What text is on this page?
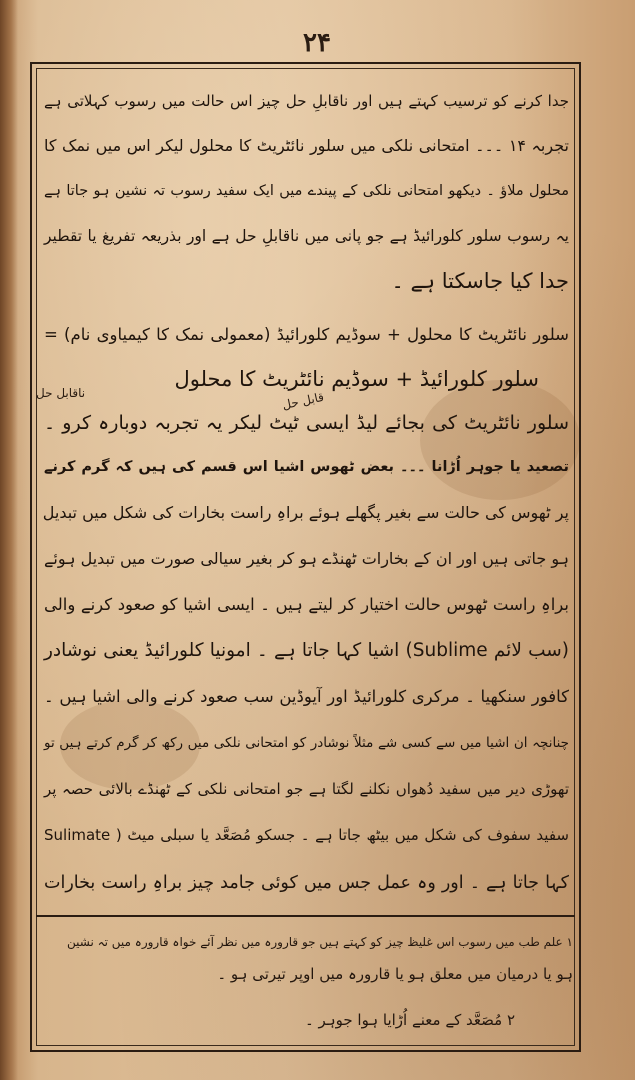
۲۴
جدا کرنے کو ترسیب کہتے ہیں اور ناقابلِ حل چیز اس حالت میں رسوب کہلاتی ہے
تجربہ ۱۴ ۔۔۔ امتحانی نلکی میں سلور نائٹریٹ کا محلول لیکر اس میں نمک کا
محلول ملاؤ ۔ دیکھو امتحانی نلکی کے پیندے میں ایک سفید رسوب تہ نشین ہو جاتا ہے
یہ رسوب سلور کلورائیڈ ہے جو پانی میں ناقابلِ حل ہے اور بذریعہ تفریغ یا تقطیر
جدا کیا جاسکتا ہے ۔
سلور نائٹریٹ کا محلول + سوڈیم کلورائیڈ (معمولی نمک کا کیمیاوی نام) =
سلور کلورائیڈ + سوڈیم نائٹریٹ کا محلول
سلور نائٹریٹ کی بجائے لیڈ ایسی ٹیٹ لیکر یہ تجربہ دوبارہ کرو ۔
تصعید یا جوہر اُڑانا ۔۔۔ بعض ٹھوس اشیا اس قسم کی ہیں کہ گرم کرنے
پر ٹھوس کی حالت سے بغیر پگھلے ہوئے براہِ راست بخارات کی شکل میں تبدیل
ہو جاتی ہیں اور ان کے بخارات ٹھنڈے ہو کر بغیر سیالی صورت میں تبدیل ہوئے
براہِ راست ٹھوس حالت اختیار کر لیتے ہیں ۔ ایسی اشیا کو صعود کرنے والی
(سب لائم Sublime) اشیا کہا جاتا ہے ۔ امونیا کلورائیڈ یعنی نوشادر
کافور سنکھیا ۔ مرکری کلورائیڈ اور آیوڈین سب صعود کرنے والی اشیا ہیں ۔
چنانچہ ان اشیا میں سے کسی شے مثلاً نوشادر کو امتحانی نلکی میں رکھ کر گرم کرتے ہیں تو
تھوڑی دیر میں سفید دُھواں نکلنے لگتا ہے جو امتحانی نلکی کے ٹھنڈے بالائی حصہ پر
سفید سفوف کی شکل میں بیٹھ جاتا ہے ۔ جسکو مُصَعَّد یا سبلی میٹ ( Sulimate
کہا جاتا ہے ۔ اور وہ عمل جس میں کوئی جامد چیز براہِ راست بخارات
ناقابل حل	قابل حل
۱ علم طب میں رسوب اس غلیظ چیز کو کہتے ہیں جو قارورہ میں نظر آئے خواہ قارورہ میں تہ نشین
ہو یا درمیان میں معلق ہو یا قارورہ میں اوپر تیرتی ہو ۔
۲ مُصَعَّد کے معنے اُڑایا ہوا جوہر ۔
